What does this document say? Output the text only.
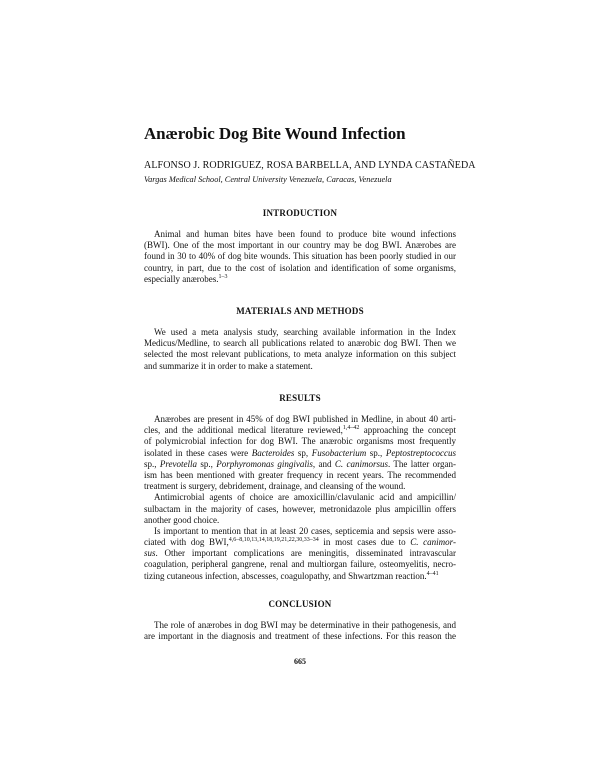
Anærobic Dog Bite Wound Infection
ALFONSO J. RODRIGUEZ, ROSA BARBELLA, AND LYNDA CASTAÑEDA
Vargas Medical School, Central University Venezuela, Caracas, Venezuela
INTRODUCTION
Animal and human bites have been found to produce bite wound infections
(BWI). One of the most important in our country may be dog BWI. Anærobes are
found in 30 to 40% of dog bite wounds. This situation has been poorly studied in our
country, in part, due to the cost of isolation and identification of some organisms,
especially anærobes.$^{1-3}$
MATERIALS AND METHODS
We used a meta analysis study, searching available information in the Index
Medicus/Medline, to search all publications related to anærobic dog BWI. Then we
selected the most relevant publications, to meta analyze information on this subject
and summarize it in order to make a statement.
RESULTS
Anærobes are present in 45% of dog BWI published in Medline, in about 40 arti-
cles, and the additional medical literature reviewed,$^{1,4-42}$ approaching the concept
of polymicrobial infection for dog BWI. The anærobic organisms most frequently
isolated in these cases were Bacteroides sp, Fusobacterium sp., Peptostreptococcus
sp., Prevotella sp., Porphyromonas gingivalis, and C. canimorsus. The latter organ-
ism has been mentioned with greater frequency in recent years. The recommended
treatment is surgery, debridement, drainage, and cleansing of the wound.
Antimicrobial agents of choice are amoxicillin/clavulanic acid and ampicillin/
sulbactam in the majority of cases, however, metronidazole plus ampicillin offers
another good choice.
Is important to mention that in at least 20 cases, septicemia and sepsis were asso-
ciated with dog BWI,$^{4,6-8,10,13,14,18,19,21,22,30,33-34}$ in most cases due to C. canimor-
sus. Other important complications are meningitis, disseminated intravascular
coagulation, peripheral gangrene, renal and multiorgan failure, osteomyelitis, necro-
tizing cutaneous infection, abscesses, coagulopathy, and Shwartzman reaction.$^{4-41}$
CONCLUSION
The role of anærobes in dog BWI may be determinative in their pathogenesis, and
are important in the diagnosis and treatment of these infections. For this reason the
665
